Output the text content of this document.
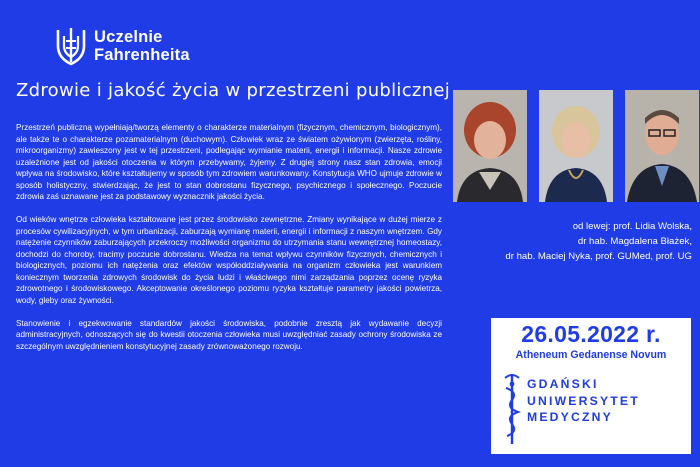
Uczelnie
Fahrenheita
Zdrowie i jakość życia w przestrzeni publicznej

Przestrzeń publiczną wypełniają/tworzą elementy o charakterze materialnym (fizycznym, chemicznym, biologicznym), ale także te o charakterze pozamaterialnym (duchowym). Człowiek wraz ze światem ożywionym (zwierzęta, rośliny, mikroorganizmy) zawieszony jest w tej przestrzeni, podlegając wymianie materii, energii i informacji. Nasze zdrowie uzależnione jest od jakości otoczenia w którym przebywamy, żyjemy. Z drugiej strony nasz stan zdrowia, emocji wpływa na środowisko, które kształtujemy w sposób tym zdrowiem warunkowany. Konstytucja WHO ujmuje zdrowie w sposób holistyczny, stwierdzając, że jest to stan dobrostanu fizycznego, psychicznego i społecznego. Poczucie zdrowia zaś uznawane jest za podstawowy wyznacznik jakości życia.

Od wieków wnętrze człowieka kształtowane jest przez środowisko zewnętrzne. Zmiany wynikające w dużej mierze z procesów cywilizacyjnych, w tym urbanizacji, zaburzają wymianę materii, energii i informacji z naszym wnętrzem. Gdy natężenie czynników zaburzających przekroczy możliwości organizmu do utrzymania stanu wewnętrznej homeostazy, dochodzi do choroby, tracimy poczucie dobrostanu. Wiedza na temat wpływu czynników fizycznych, chemicznych i biologicznych, poziomu ich natężenia oraz efektów współoddziaływania na organizm człowieka jest warunkiem koniecznym tworzenia zdrowych środowisk do życia ludzi i właściwego nimi zarządzania poprzez ocenę ryzyka zdrowotnego i środowiskowego. Akceptowanie określonego poziomu ryzyka kształtuje parametry jakości powietrza, wody, gleby oraz żywności.

Stanowienie i egzekwowanie standardów jakości środowiska, podobnie zresztą jak wydawanie decyzji administracyjnych, odnoszących się do kwestii otoczenia człowieka musi uwzględniać zasady ochrony środowiska ze szczególnym uwzględnieniem konstytucyjnej zasady zrównoważonego rozwoju.

od lewej: prof. Lidia Wolska,
dr hab. Magdalena Błażek,
dr hab. Maciej Nyka, prof. GUMed, prof. UG
26.05.2022 r.
Atheneum Gedanense Novum
GDAŃSKI
UNIWERSYTET
MEDYCZNY
